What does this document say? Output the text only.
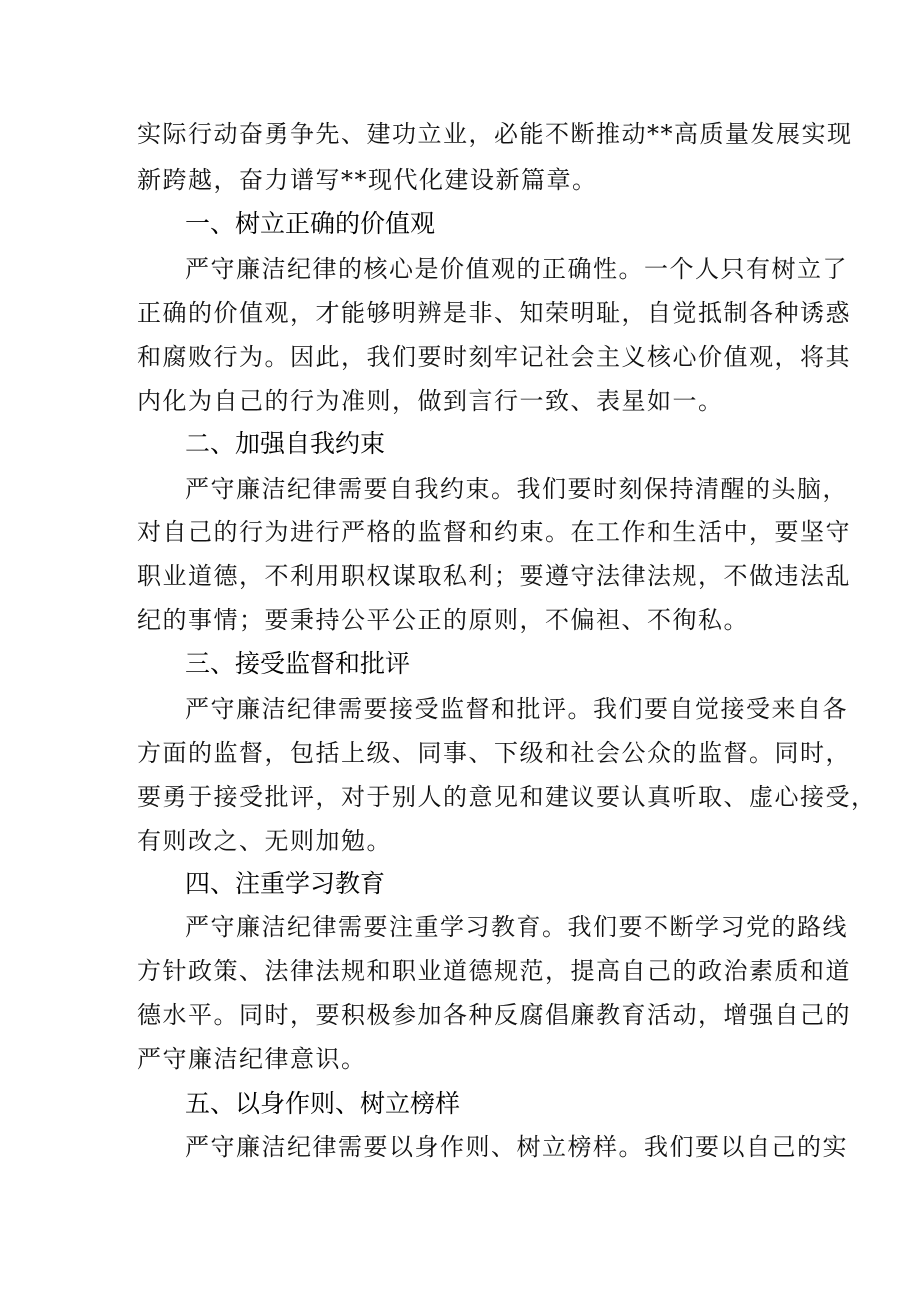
实际行动奋勇争先、建功立业，必能不断推动**高质量发展实现
新跨越，奋力谱写**现代化建设新篇章。
一、树立正确的价值观
严守廉洁纪律的核心是价值观的正确性。一个人只有树立了
正确的价值观，才能够明辨是非、知荣明耻，自觉抵制各种诱惑
和腐败行为。因此，我们要时刻牢记社会主义核心价值观，将其
内化为自己的行为准则，做到言行一致、表星如一。
二、加强自我约束
严守廉洁纪律需要自我约束。我们要时刻保持清醒的头脑，
对自己的行为进行严格的监督和约束。在工作和生活中，要坚守
职业道德，不利用职权谋取私利；要遵守法律法规，不做违法乱
纪的事情；要秉持公平公正的原则，不偏袒、不徇私。
三、接受监督和批评
严守廉洁纪律需要接受监督和批评。我们要自觉接受来自各
方面的监督，包括上级、同事、下级和社会公众的监督。同时，
要勇于接受批评，对于别人的意见和建议要认真听取、虚心接受，
有则改之、无则加勉。
四、注重学习教育
严守廉洁纪律需要注重学习教育。我们要不断学习党的路线
方针政策、法律法规和职业道德规范，提高自己的政治素质和道
德水平。同时，要积极参加各种反腐倡廉教育活动，增强自己的
严守廉洁纪律意识。
五、以身作则、树立榜样
严守廉洁纪律需要以身作则、树立榜样。我们要以自己的实
